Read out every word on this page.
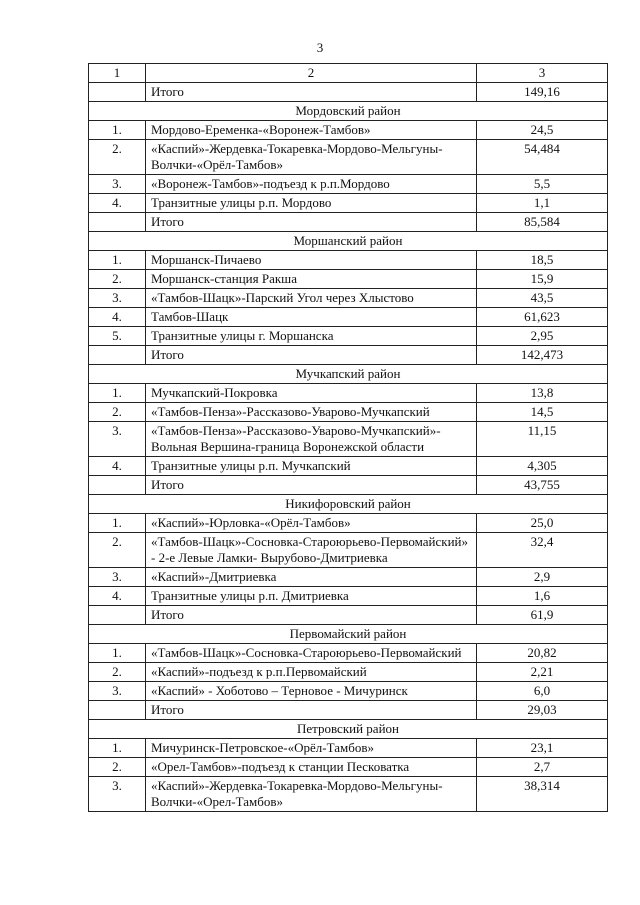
3
1	2	3
	Итого	149,16
Мордовский район		
1.	Мордово-Еременка-«Воронеж-Тамбов»	24,5
2.	«Каспий»-Жердевка-Токаревка-Мордово-Мельгуны-Волчки-«Орёл-Тамбов»	54,484
3.	«Воронеж-Тамбов»-подъезд к р.п.Мордово	5,5
4.	Транзитные улицы р.п. Мордово	1,1
	Итого	85,584
Моршанский район		
1.	Моршанск-Пичаево	18,5
2.	Моршанск-станция Ракша	15,9
3.	«Тамбов-Шацк»-Парский Угол через Хлыстово	43,5
4.	Тамбов-Шацк	61,623
5.	Транзитные улицы г. Моршанска	2,95
	Итого	142,473
Мучкапский район		
1.	Мучкапский-Покровка	13,8
2.	«Тамбов-Пенза»-Рассказово-Уварово-Мучкапский	14,5
3.	«Тамбов-Пенза»-Рассказово-Уварово-Мучкапский»-Вольная Вершина-граница Воронежской области	11,15
4.	Транзитные улицы р.п. Мучкапский	4,305
	Итого	43,755
Никифоровский район		
1.	«Каспий»-Юрловка-«Орёл-Тамбов»	25,0
2.	«Тамбов-Шацк»-Сосновка-Староюрьево-Первомайский» - 2-е Левые Ламки- Вырубово-Дмитриевка	32,4
3.	«Каспий»-Дмитриевка	2,9
4.	Транзитные улицы р.п. Дмитриевка	1,6
	Итого	61,9
Первомайский район		
1.	«Тамбов-Шацк»-Сосновка-Староюрьево-Первомайский	20,82
2.	«Каспий»-подъезд к р.п.Первомайский	2,21
3.	«Каспий» - Хоботово – Терновое - Мичуринск	6,0
	Итого	29,03
Петровский район		
1.	Мичуринск-Петровское-«Орёл-Тамбов»	23,1
2.	«Орел-Тамбов»-подъезд к станции Песковатка	2,7
3.	«Каспий»-Жердевка-Токаревка-Мордово-Мельгуны-Волчки-«Орел-Тамбов»	38,314
